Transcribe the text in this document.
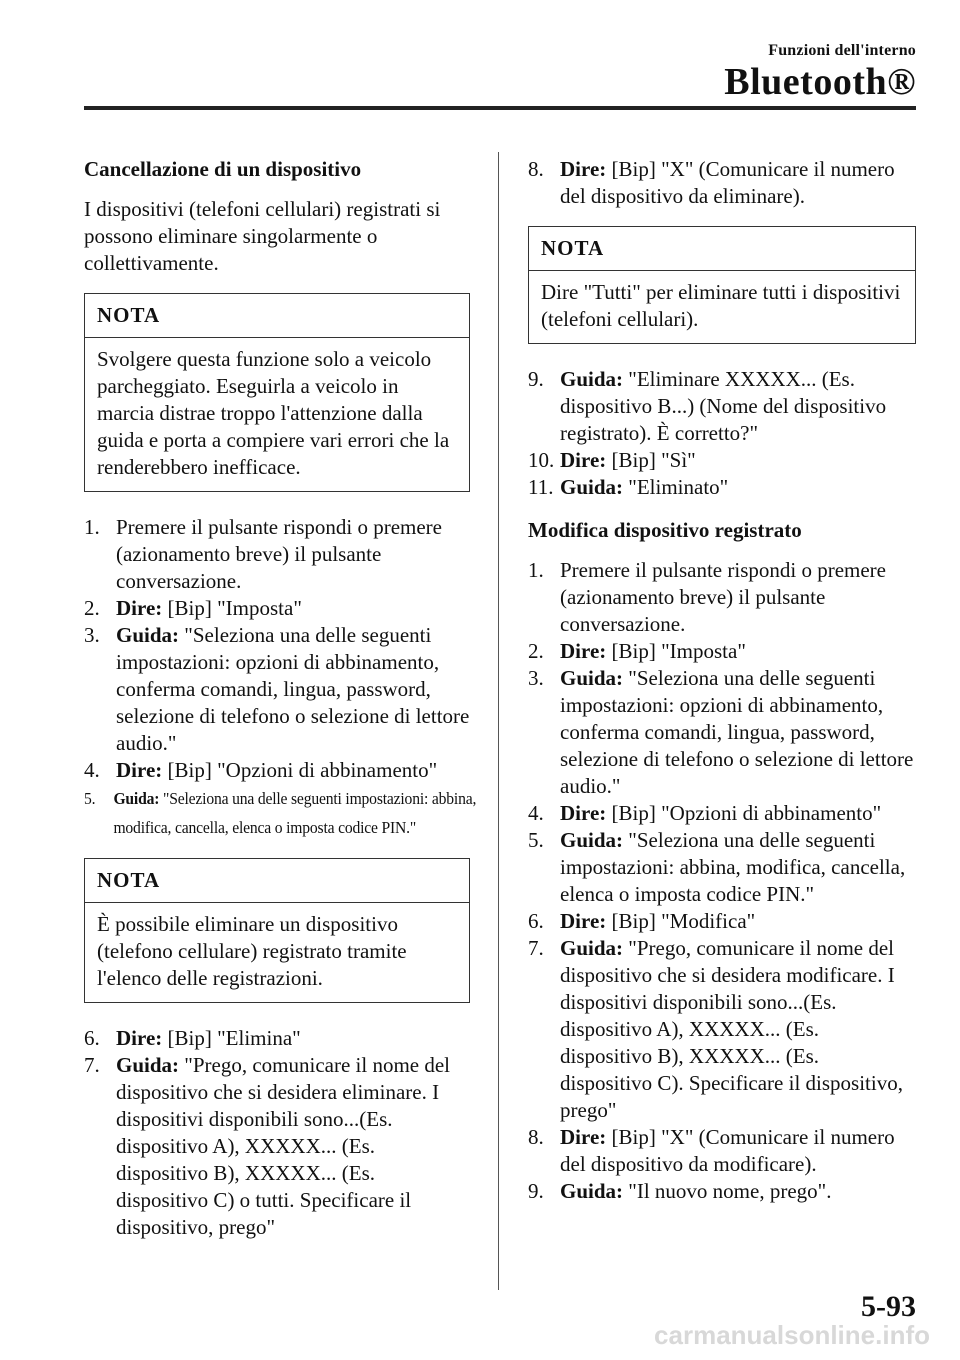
Funzioni dell'interno
Bluetooth®
Cancellazione di un dispositivo

I dispositivi (telefoni cellulari) registrati si possono eliminare singolarmente o collettivamente.

NOTA
Svolgere questa funzione solo a veicolo parcheggiato. Eseguirla a veicolo in marcia distrae troppo l'attenzione dalla guida e porta a compiere vari errori che la renderebbero inefficace.
1. Premere il pulsante rispondi o premere (azionamento breve) il pulsante conversazione.
2. Dire: [Bip] "Imposta"
3. Guida: "Seleziona una delle seguenti impostazioni: opzioni di abbinamento, conferma comandi, lingua, password, selezione di telefono o selezione di lettore audio."
4. Dire: [Bip] "Opzioni di abbinamento"
5. Guida: "Seleziona una delle seguenti impostazioni: abbina, modifica, cancella, elenca o imposta codice PIN."
NOTA
È possibile eliminare un dispositivo (telefono cellulare) registrato tramite l'elenco delle registrazioni.
6. Dire: [Bip] "Elimina"
7. Guida: "Prego, comunicare il nome del dispositivo che si desidera eliminare. I dispositivi disponibili sono...(Es. dispositivo A), XXXXX... (Es. dispositivo B), XXXXX... (Es. dispositivo C) o tutti. Specificare il dispositivo, prego"
8. Dire: [Bip] "X" (Comunicare il numero del dispositivo da eliminare).
NOTA
Dire "Tutti" per eliminare tutti i dispositivi (telefoni cellulari).
9. Guida: "Eliminare XXXXX... (Es. dispositivo B...) (Nome del dispositivo registrato). È corretto?"
10. Dire: [Bip] "Sì"
11. Guida: "Eliminato"
Modifica dispositivo registrato
1. Premere il pulsante rispondi o premere (azionamento breve) il pulsante conversazione.
2. Dire: [Bip] "Imposta"
3. Guida: "Seleziona una delle seguenti impostazioni: opzioni di abbinamento, conferma comandi, lingua, password, selezione di telefono o selezione di lettore audio."
4. Dire: [Bip] "Opzioni di abbinamento"
5. Guida: "Seleziona una delle seguenti impostazioni: abbina, modifica, cancella, elenca o imposta codice PIN."
6. Dire: [Bip] "Modifica"
7. Guida: "Prego, comunicare il nome del dispositivo che si desidera modificare. I dispositivi disponibili sono...(Es. dispositivo A), XXXXX... (Es. dispositivo B), XXXXX... (Es. dispositivo C). Specificare il dispositivo, prego"
8. Dire: [Bip] "X" (Comunicare il numero del dispositivo da modificare).
9. Guida: "Il nuovo nome, prego".
5-93
carmanualsonline.info
